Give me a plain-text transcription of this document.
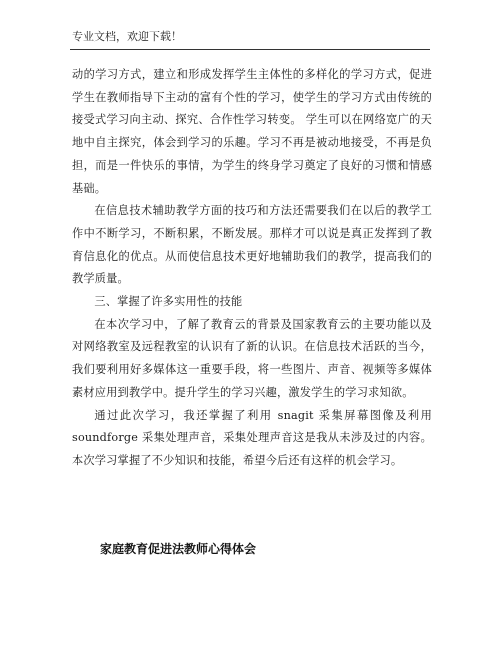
专业文档，欢迎下载！

动的学习方式，建立和形成发挥学生主体性的多样化的学习方式，促进学生在教师指导下主动的富有个性的学习，使学生的学习方式由传统的接受式学习向主动、探究、合作性学习转变。 学生可以在网络宽广的天地中自主探究，体会到学习的乐趣。学习不再是被动地接受，不再是负担，而是一件快乐的事情，为学生的终身学习奠定了良好的习惯和情感基础。

在信息技术辅助教学方面的技巧和方法还需要我们在以后的教学工作中不断学习，不断积累，不断发展。那样才可以说是真正发挥到了教育信息化的优点。从而使信息技术更好地辅助我们的教学，提高我们的教学质量。

三、掌握了许多实用性的技能

在本次学习中，了解了教育云的背景及国家教育云的主要功能以及对网络教室及远程教室的认识有了新的认识。在信息技术活跃的当今，我们要利用好多媒体这一重要手段，将一些图片、声音、视频等多媒体素材应用到教学中。提升学生的学习兴趣，激发学生的学习求知欲。

通过此次学习，我还掌握了利用 snagit 采集屏幕图像及利用 soundforge 采集处理声音，采集处理声音这是我从未涉及过的内容。本次学习掌握了不少知识和技能，希望今后还有这样的机会学习。

家庭教育促进法教师心得体会
